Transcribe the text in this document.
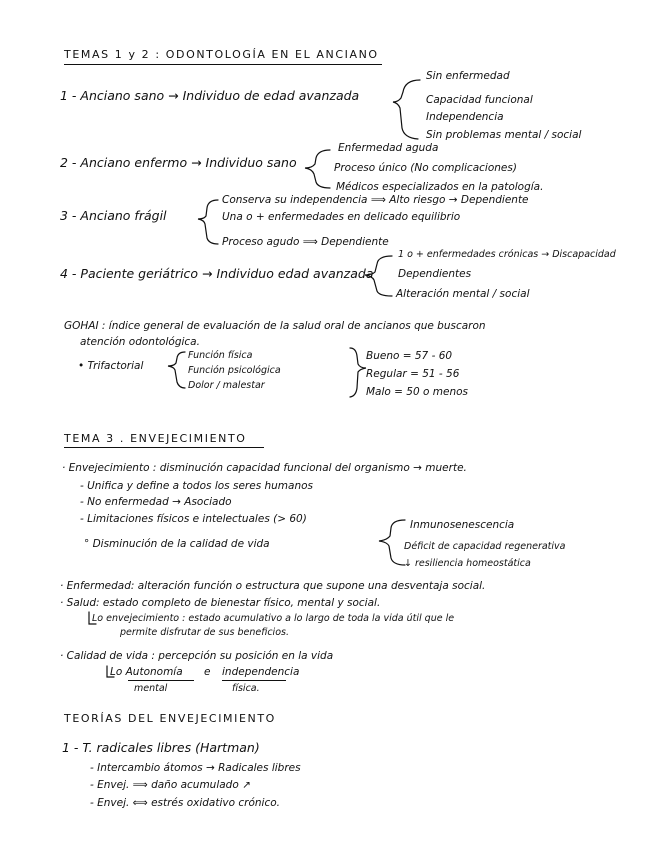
TEMAS 1 y 2 : ODONTOLOGÍA EN EL ANCIANO
1 - Anciano sano → Individuo de edad avanzada
Sin enfermedad
Capacidad funcional
Independencia
Sin problemas mental / social
2 - Anciano enfermo → Individuo sano
Enfermedad aguda
Proceso único (No complicaciones)
Médicos especializados en la patología.
3 - Anciano frágil
Conserva su independencia ⟹ Alto riesgo → Dependiente
Una o + enfermedades en delicado equilibrio
Proceso agudo ⟹ Dependiente
4 - Paciente geriátrico → Individuo edad avanzada
1 o + enfermedades crónicas → Discapacidad
Dependientes
Alteración mental / social
GOHAI : índice general de evaluación de la salud oral de ancianos que buscaron
atención odontológica.
• Trifactorial
Función física
Función psicológica
Dolor / malestar
Bueno = 57 - 60
Regular = 51 - 56
Malo = 50 o menos
TEMA 3 . ENVEJECIMIENTO
· Envejecimiento : disminución capacidad funcional del organismo → muerte.
- Unifica y define a todos los seres humanos
- No enfermedad → Asociado
- Limitaciones físicos e intelectuales (> 60)
° Disminución de la calidad de vida
Inmunosenescencia
Déficit de capacidad regenerativa
↓ resiliencia homeostática
· Enfermedad: alteración función o estructura que supone una desventaja social.
· Salud: estado completo de bienestar físico, mental y social.
Lo envejecimiento : estado acumulativo a lo largo de toda la vida útil que le
permite disfrutar de sus beneficios.
· Calidad de vida : percepción su posición en la vida
Lo Autonomía
mental
e independencia
física.
TEORÍAS DEL ENVEJECIMIENTO
1 - T. radicales libres (Hartman)
- Intercambio átomos → Radicales libres
- Envej. ⟹ daño acumulado ↗
- Envej. ⟺ estrés oxidativo crónico.
